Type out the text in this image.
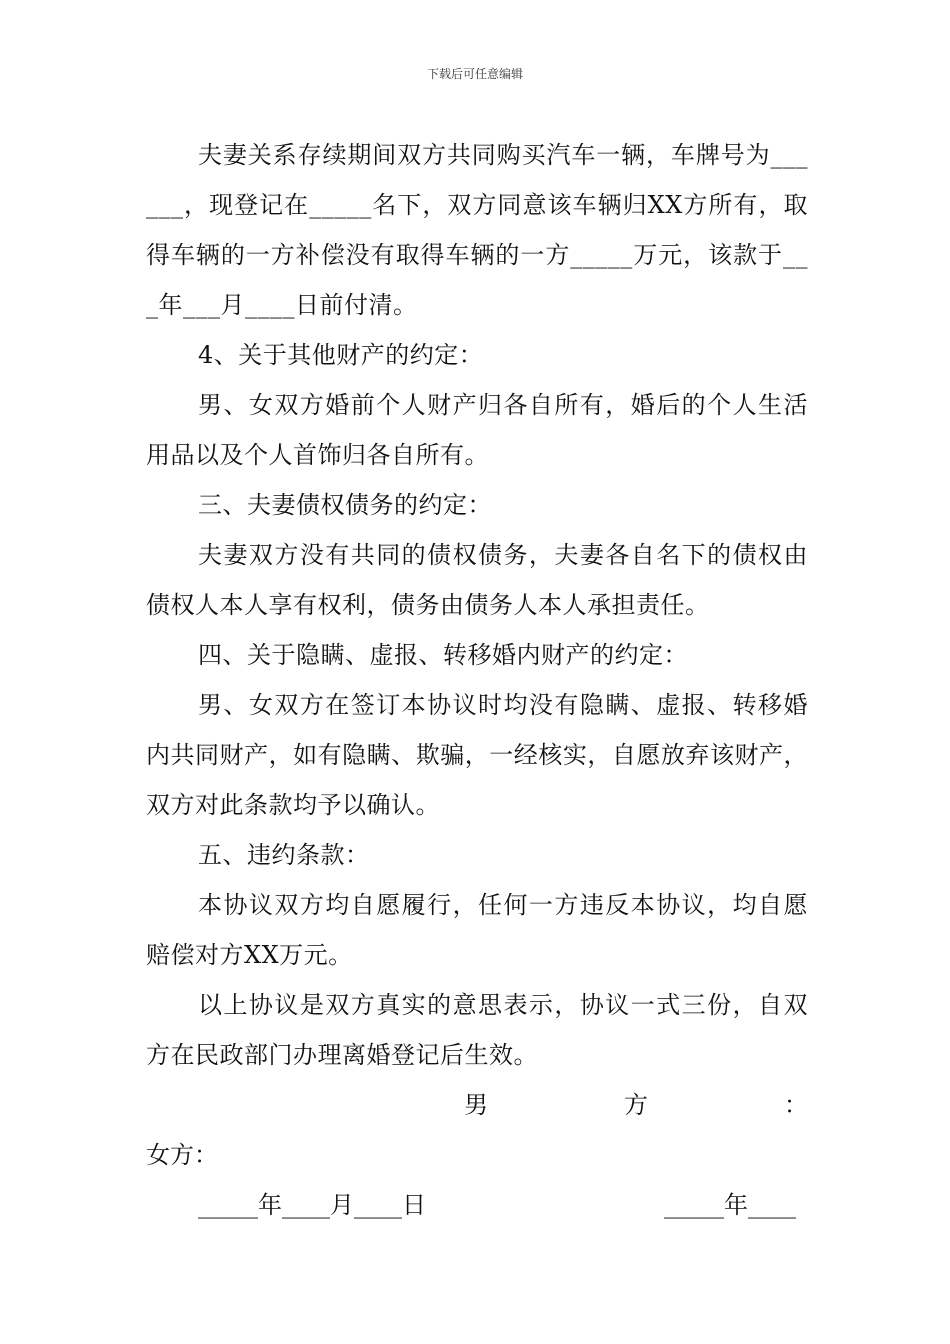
下载后可任意编辑

夫妻关系存续期间双方共同购买汽车一辆，车牌号为______，现登记在_____名下，双方同意该车辆归XX方所有，取得车辆的一方补偿没有取得车辆的一方_____万元，该款于___年___月____日前付清。

4、关于其他财产的约定：

男、女双方婚前个人财产归各自所有，婚后的个人生活用品以及个人首饰归各自所有。

三、夫妻债权债务的约定：

夫妻双方没有共同的债权债务，夫妻各自名下的债权由债权人本人享有权利，债务由债务人本人承担责任。

四、关于隐瞒、虚报、转移婚内财产的约定：

男、女双方在签订本协议时均没有隐瞒、虚报、转移婚内共同财产，如有隐瞒、欺骗，一经核实，自愿放弃该财产，双方对此条款均予以确认。

五、违约条款：

本协议双方均自愿履行，任何一方违反本协议，均自愿赔偿对方XX万元。

以上协议是双方真实的意思表示，协议一式三份，自双方在民政部门办理离婚登记后生效。

男	方	：
女方：
_____年____月____日	_____年____
